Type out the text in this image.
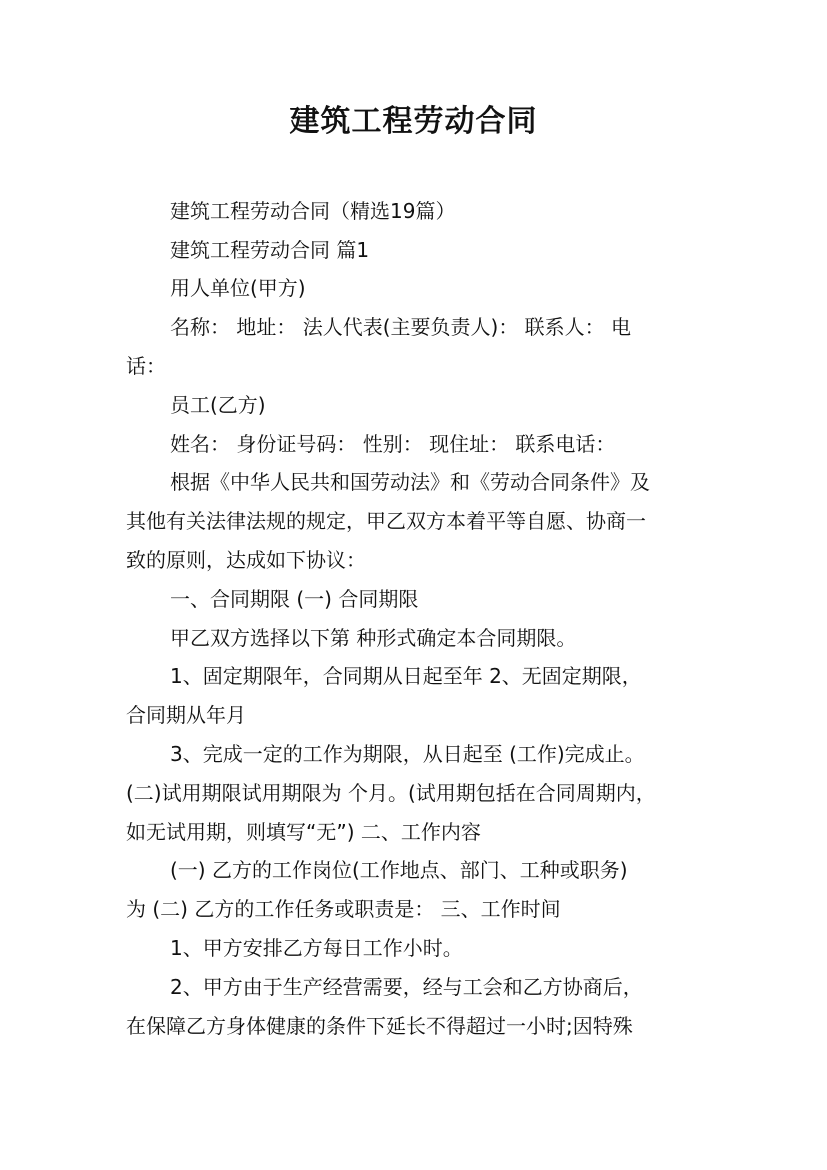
建筑工程劳动合同

建筑工程劳动合同（精选19篇）

建筑工程劳动合同 篇1

用人单位(甲方)

名称： 地址： 法人代表(主要负责人)： 联系人： 电

话：

员工(乙方)

姓名： 身份证号码： 性别： 现住址： 联系电话：

根据《中华人民共和国劳动法》和《劳动合同条件》及

其他有关法律法规的规定，甲乙双方本着平等自愿、协商一

致的原则，达成如下协议：

一、合同期限 (一) 合同期限

甲乙双方选择以下第 种形式确定本合同期限。

1、固定期限年，合同期从日起至年 2、无固定期限，

合同期从年月

3、完成一定的工作为期限，从日起至 (工作)完成止。

(二)试用期限试用期限为 个月。(试用期包括在合同周期内，

如无试用期，则填写“无”) 二、工作内容

(一) 乙方的工作岗位(工作地点、部门、工种或职务)

为 (二) 乙方的工作任务或职责是： 三、工作时间

1、甲方安排乙方每日工作小时。

2、甲方由于生产经营需要，经与工会和乙方协商后，

在保障乙方身体健康的条件下延长不得超过一小时;因特殊
